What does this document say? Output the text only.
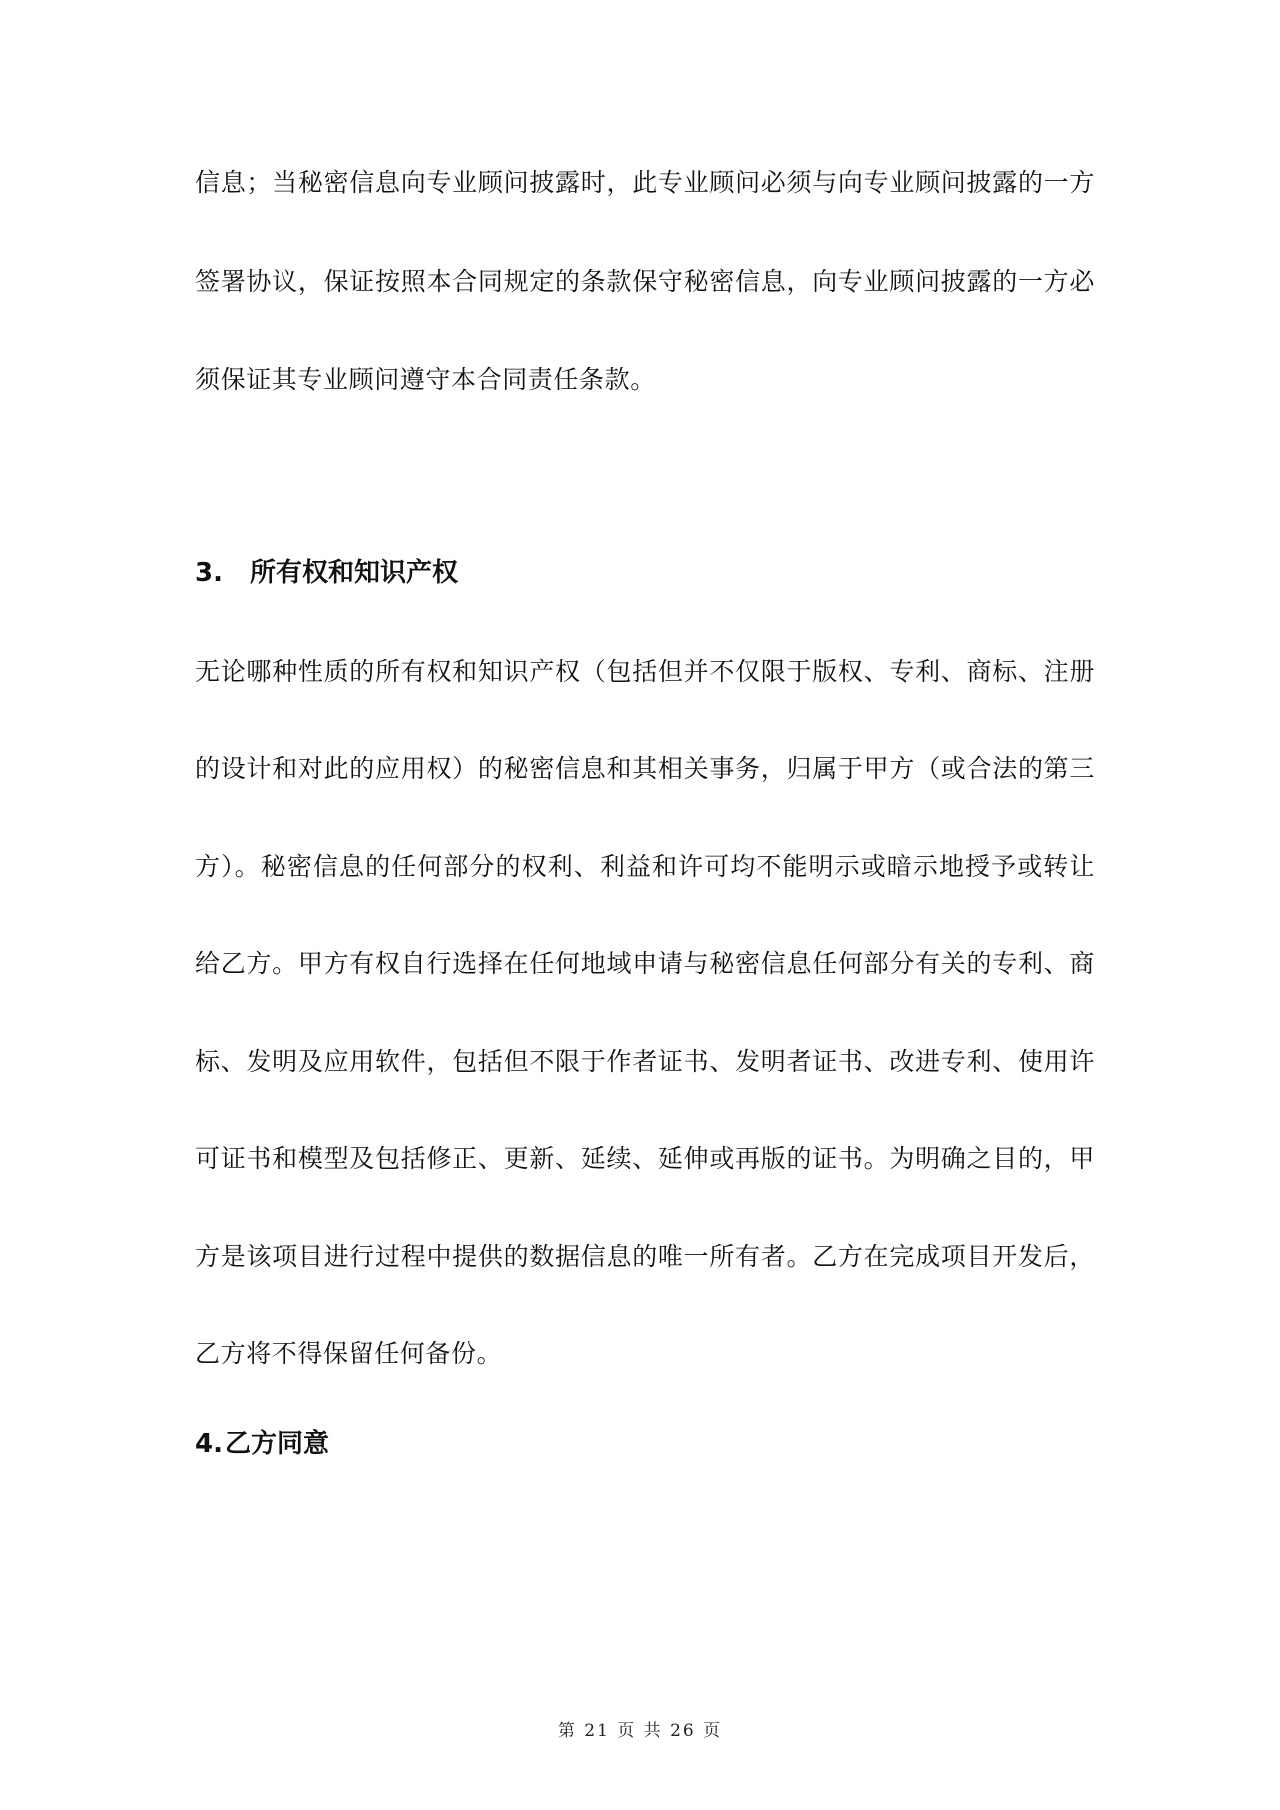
信息；当秘密信息向专业顾问披露时，此专业顾问必须与向专业顾问披露的一方
签署协议，保证按照本合同规定的条款保守秘密信息，向专业顾问披露的一方必
须保证其专业顾问遵守本合同责任条款。
3. 所有权和知识产权
无论哪种性质的所有权和知识产权（包括但并不仅限于版权、专利、商标、注册
的设计和对此的应用权）的秘密信息和其相关事务，归属于甲方（或合法的第三
方）。秘密信息的任何部分的权利、利益和许可均不能明示或暗示地授予或转让
给乙方。甲方有权自行选择在任何地域申请与秘密信息任何部分有关的专利、商
标、发明及应用软件，包括但不限于作者证书、发明者证书、改进专利、使用许
可证书和模型及包括修正、更新、延续、延伸或再版的证书。为明确之目的，甲
方是该项目进行过程中提供的数据信息的唯一所有者。乙方在完成项目开发后，
乙方将不得保留任何备份。
4.乙方同意
第 21 页 共 26 页
